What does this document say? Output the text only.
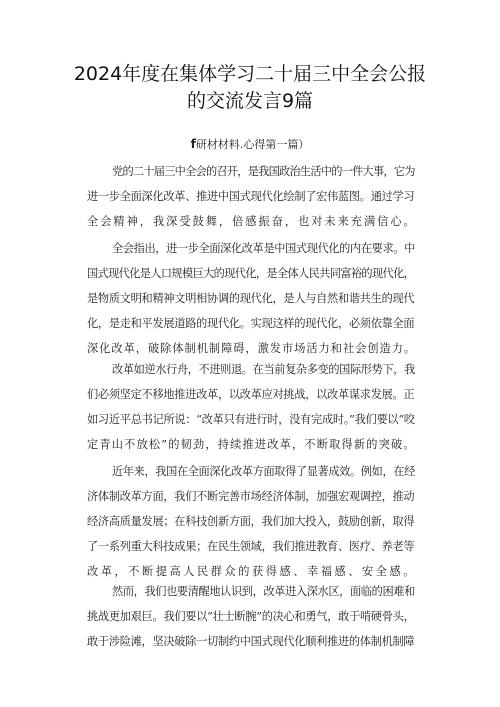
2024年度在集体学习二十届三中全会公报
的交流发言9篇
f研材材料.心得第一篇）
党的二十届三中全会的召开，是我国政治生活中的一件大事，它为
进一步全面深化改革、推进中国式现代化绘制了宏伟蓝图。通过学习
全会精神，我深受鼓舞，倍感振奋，也对未来充满信心。
全会指出，进一步全面深化改革是中国式现代化的内在要求。中
国式现代化是人口规模巨大的现代化，是全体人民共同富裕的现代化，
是物质文明和精神文明相协调的现代化，是人与自然和谐共生的现代
化，是走和平发展道路的现代化。实现这样的现代化，必须依靠全面
深化改革，破除体制机制障碍，激发市场活力和社会创造力。
改革如逆水行舟，不进则退。在当前复杂多变的国际形势下，我
们必须坚定不移地推进改革，以改革应对挑战，以改革谋求发展。正
如习近平总书记所说：“改革只有进行时，没有完成时。”我们要以“咬
定青山不放松”的韧劲，持续推进改革，不断取得新的突破。
近年来，我国在全面深化改革方面取得了显著成效。例如，在经
济体制改革方面，我们不断完善市场经济体制，加强宏观调控，推动
经济高质量发展；在科技创新方面，我们加大投入，鼓励创新，取得
了一系列重大科技成果；在民生领域，我们推进教育、医疗、养老等
改革，不断提高人民群众的获得感、幸福感、安全感。
然而，我们也要清醒地认识到，改革进入深水区，面临的困难和
挑战更加艰巨。我们要以“壮士断腕”的决心和勇气，敢于啃硬骨头，
敢于涉险滩，坚决破除一切制约中国式现代化顺利推进的体制机制障
